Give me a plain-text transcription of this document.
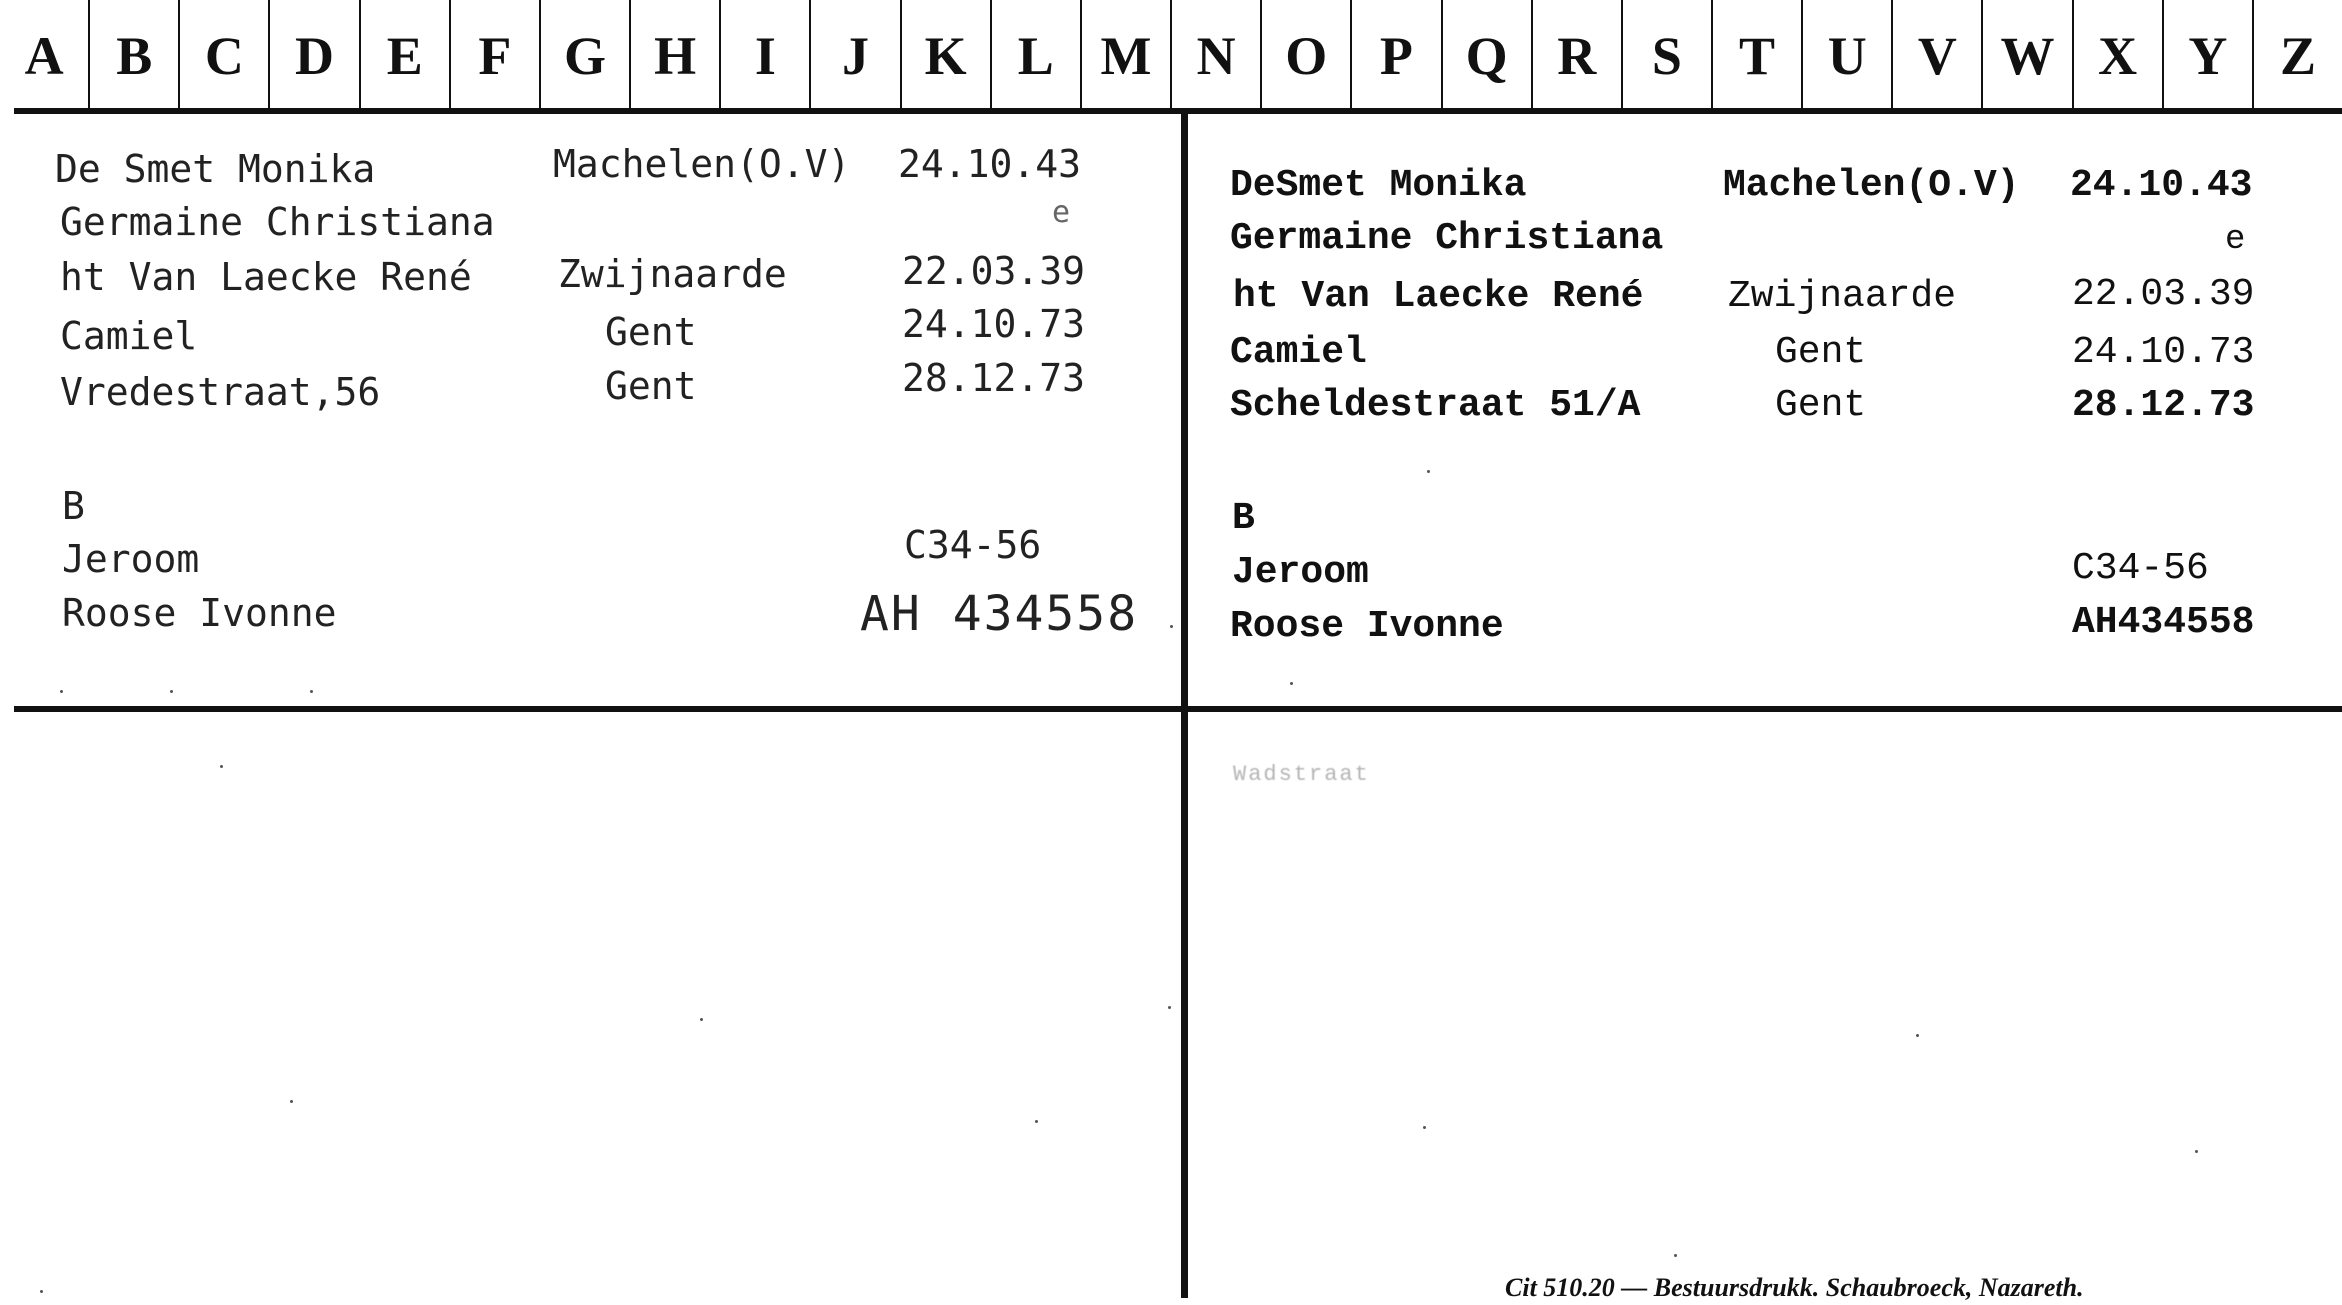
A B C D E	F G H	I	J	K L M N O P Q R	S	T U V W X Y Z
De Smet Monika	Machelen(O.V) 24.10.43
e
Germaine Christiana
ht Van Laecke René Zwijnaarde	22.03.39
Camiel	Gent	24.10.73
Vredestraat,56	Gent	28.12.73
B
Jeroom	C34-56
Roose Ivonne	AH 434558
DeSmet Monika	Machelen(O.V) 24.10.43
e
Germaine Christiana
ht Van Laecke René Zwijnaarde	22.03.39
Camiel	Gent	24.10.73
Scheldestraat 51/A	Gent	28.12.73
B
Jeroom	C34-56
Roose Ivonne	AH434558
Wadstraat
Cit 510.20 — Bestuursdrukk. Schaubroeck, Nazareth.
